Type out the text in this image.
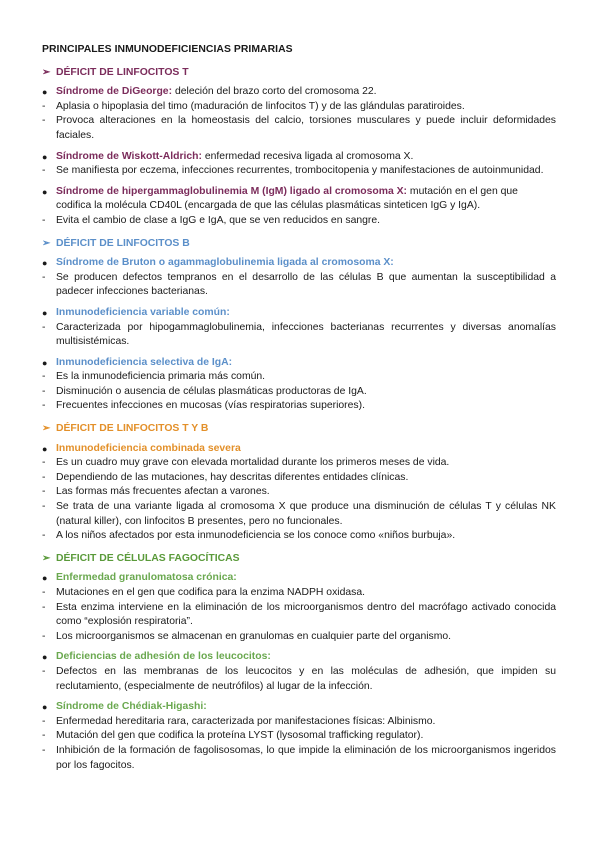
PRINCIPALES INMUNODEFICIENCIAS PRIMARIAS
➢ DÉFICIT DE LINFOCITOS T
● Síndrome de DiGeorge: deleción del brazo corto del cromosoma 22.
-	Aplasia o hipoplasia del timo (maduración de linfocitos T) y de las glándulas paratiroides.
-	Provoca alteraciones en la homeostasis del calcio, torsiones musculares y puede incluir deformidades faciales.
● Síndrome de Wiskott-Aldrich: enfermedad recesiva ligada al cromosoma X.
-	Se manifiesta por eczema, infecciones recurrentes, trombocitopenia y manifestaciones de autoinmunidad.
● Síndrome de hipergammaglobulinemia M (IgM) ligado al cromosoma X: mutación en el gen que codifica la molécula CD40L (encargada de que las células plasmáticas sinteticen IgG y IgA).
-	Evita el cambio de clase a IgG e IgA, que se ven reducidos en sangre.
➢ DÉFICIT DE LINFOCITOS B
● Síndrome de Bruton o agammaglobulinemia ligada al cromosoma X:
-	Se producen defectos tempranos en el desarrollo de las células B que aumentan la susceptibilidad a padecer infecciones bacterianas.
● Inmunodeficiencia variable común:
-	Caracterizada por hipogammaglobulinemia, infecciones bacterianas recurrentes y diversas anomalías multisistémicas.
● Inmunodeficiencia selectiva de IgA:
-	Es la inmunodeficiencia primaria más común.
-	Disminución o ausencia de células plasmáticas productoras de IgA.
-	Frecuentes infecciones en mucosas (vías respiratorias superiores).
➢ DÉFICIT DE LINFOCITOS T Y B
● Inmunodeficiencia combinada severa
-	Es un cuadro muy grave con elevada mortalidad durante los primeros meses de vida.
-	Dependiendo de las mutaciones, hay descritas diferentes entidades clínicas.
-	Las formas más frecuentes afectan a varones.
-	Se trata de una variante ligada al cromosoma X que produce una disminución de células T y células NK (natural killer), con linfocitos B presentes, pero no funcionales.
-	A los niños afectados por esta inmunodeficiencia se los conoce como «niños burbuja».
➢ DÉFICIT DE CÉLULAS FAGOCÍTICAS
● Enfermedad granulomatosa crónica:
-	Mutaciones en el gen que codifica para la enzima NADPH oxidasa.
-	Esta enzima interviene en la eliminación de los microorganismos dentro del macrófago activado conocida como “explosión respiratoria”.
-	Los microorganismos se almacenan en granulomas en cualquier parte del organismo.
● Deficiencias de adhesión de los leucocitos:
-	Defectos en las membranas de los leucocitos y en las moléculas de adhesión, que impiden su reclutamiento, (especialmente de neutrófilos) al lugar de la infección.
● Síndrome de Chédiak-Higashi:
-	Enfermedad hereditaria rara, caracterizada por manifestaciones físicas: Albinismo.
-	Mutación del gen que codifica la proteína LYST (lysosomal trafficking regulator).
-	Inhibición de la formación de fagolisosomas, lo que impide la eliminación de los microorganismos ingeridos por los fagocitos.
